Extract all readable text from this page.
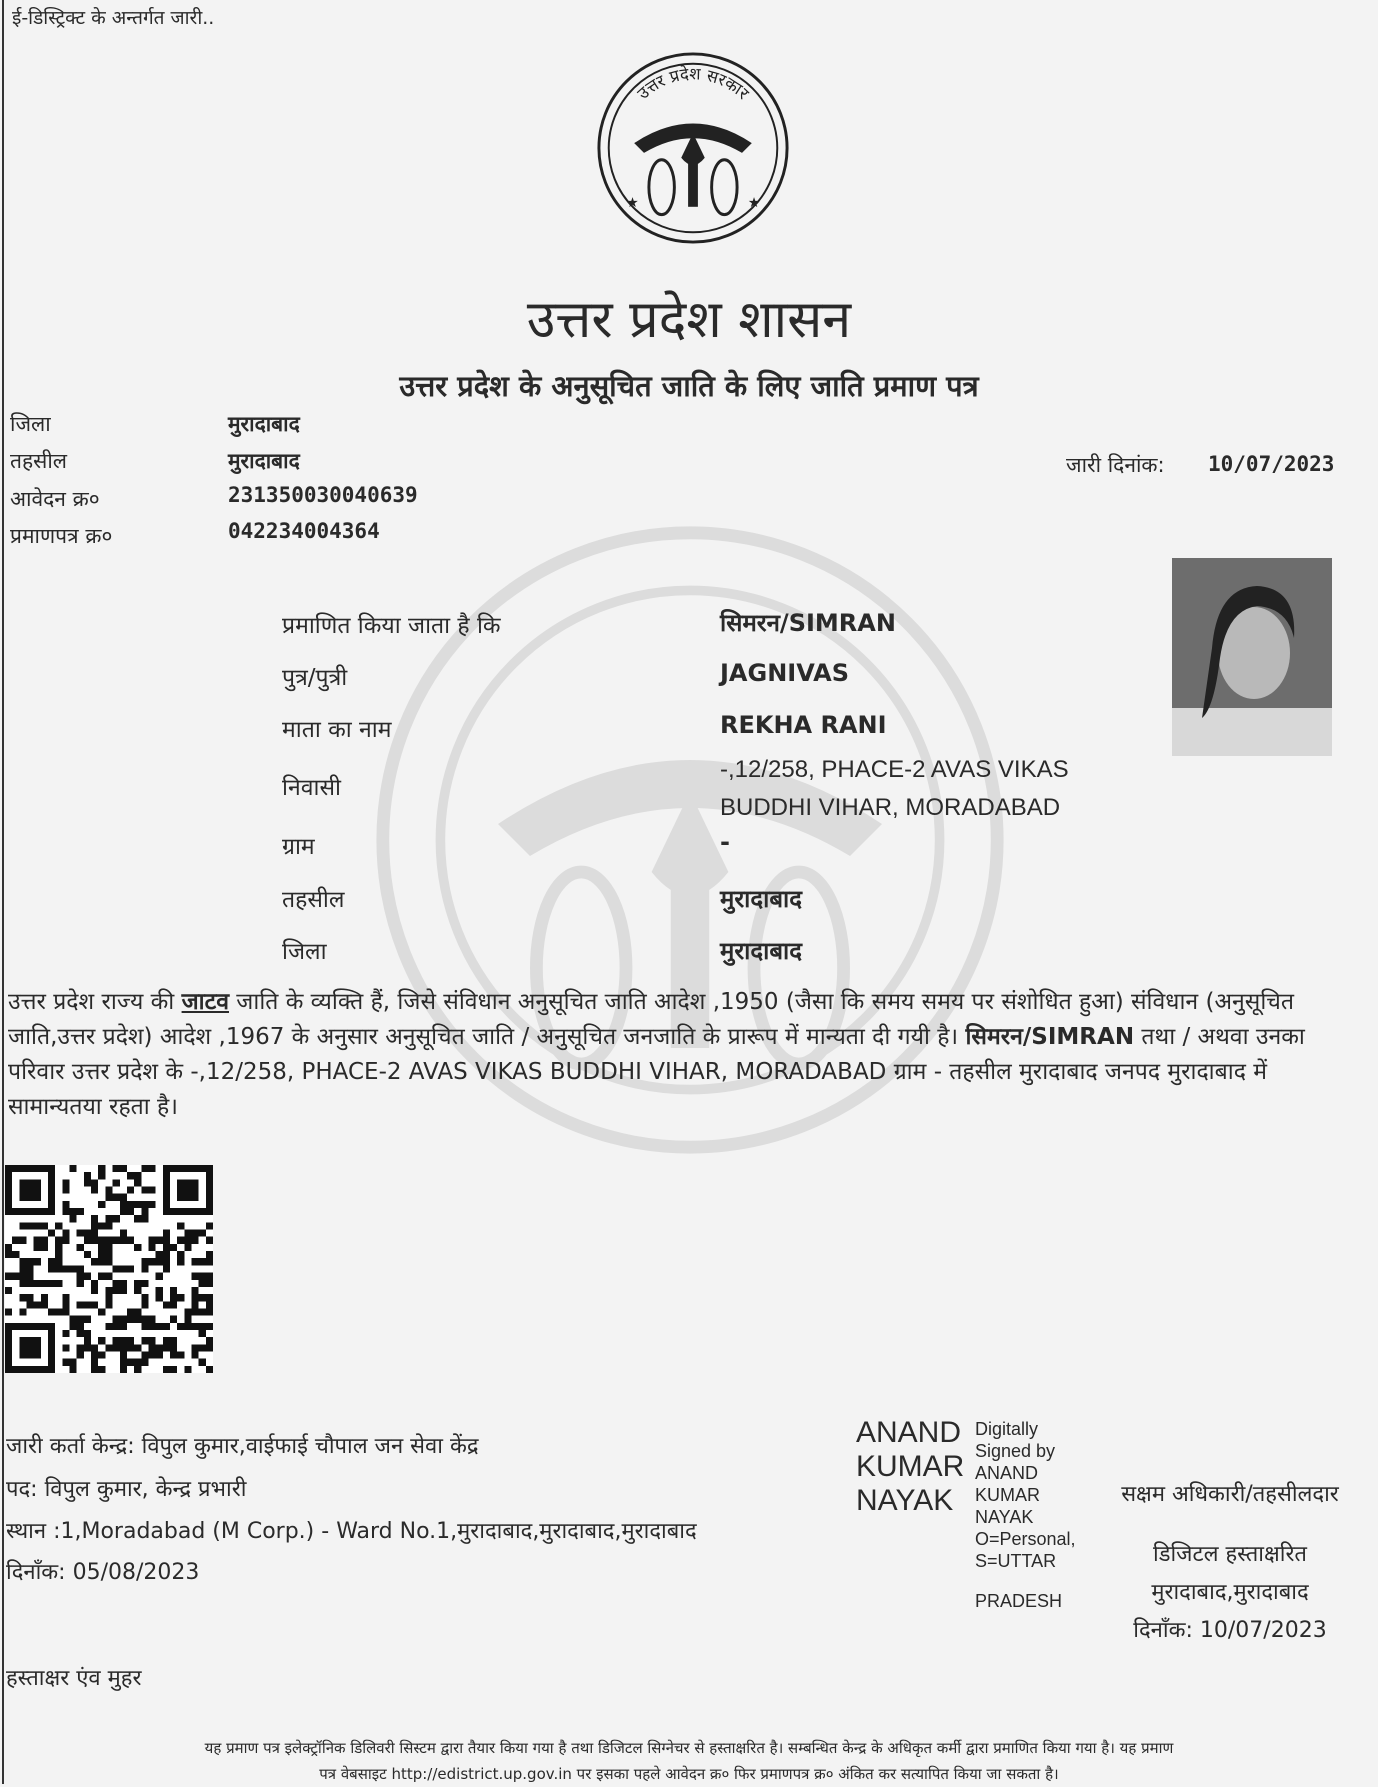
ई-डिस्ट्रिक्ट के अन्तर्गत जारी..
उत्तर प्रदेश सरकार
★	★
उत्तर प्रदेश शासन
उत्तर प्रदेश के अनुसूचित जाति के लिए जाति प्रमाण पत्र
जिला	मुरादाबाद
तहसील	मुरादाबाद
आवेदन क्र०	231350030040639
प्रमाणपत्र क्र०	042234004364
जारी दिनांक: 10/07/2023
प्रमाणित किया जाता है कि	सिमरन/SIMRAN
पुत्र/पुत्री	JAGNIVAS
माता का नाम	REKHA RANI
निवासी
-,12/258, PHACE-2 AVAS VIKAS
BUDDHI VIHAR, MORADABAD
ग्राम	-
तहसील	मुरादाबाद
जिला	मुरादाबाद
उत्तर प्रदेश राज्य की जाटव जाति के व्यक्ति हैं, जिसे संविधान अनुसूचित जाति आदेश ,1950 (जैसा कि समय समय पर संशोधित हुआ) संविधान (अनुसूचित जाति,उत्तर प्रदेश) आदेश ,1967 के अनुसार अनुसूचित जाति / अनुसूचित जनजाति के प्रारूप में मान्यता दी गयी है। सिमरन/SIMRAN तथा / अथवा उनका परिवार उत्तर प्रदेश के -,12/258, PHACE-2 AVAS VIKAS BUDDHI VIHAR, MORADABAD ग्राम - तहसील मुरादाबाद जनपद मुरादाबाद में सामान्यतया रहता है।
जारी कर्ता केन्द्र: विपुल कुमार,वाईफाई चौपाल जन सेवा केंद्र
पद: विपुल कुमार, केन्द्र प्रभारी
स्थान :1,Moradabad (M Corp.) - Ward No.1,मुरादाबाद,मुरादाबाद,मुरादाबाद
दिनाँक: 05/08/2023
हस्ताक्षर एंव मुहर
ANAND
KUMAR
NAYAK
Digitally
Signed by
ANAND
KUMAR
NAYAK
O=Personal,
S=UTTAR
PRADESH
सक्षम अधिकारी/तहसीलदार
डिजिटल हस्ताक्षरित
मुरादाबाद,मुरादाबाद
दिनाँक: 10/07/2023
यह प्रमाण पत्र इलेक्ट्रॉनिक डिलिवरी सिस्टम द्वारा तैयार किया गया है तथा डिजिटल सिग्नेचर से हस्ताक्षरित है। सम्बन्धित केन्द्र के अधिकृत कर्मी द्वारा प्रमाणित किया गया है। यह प्रमाण
पत्र वेबसाइट http://edistrict.up.gov.in पर इसका पहले आवेदन क्र० फिर प्रमाणपत्र क्र० अंकित कर सत्यापित किया जा सकता है।
